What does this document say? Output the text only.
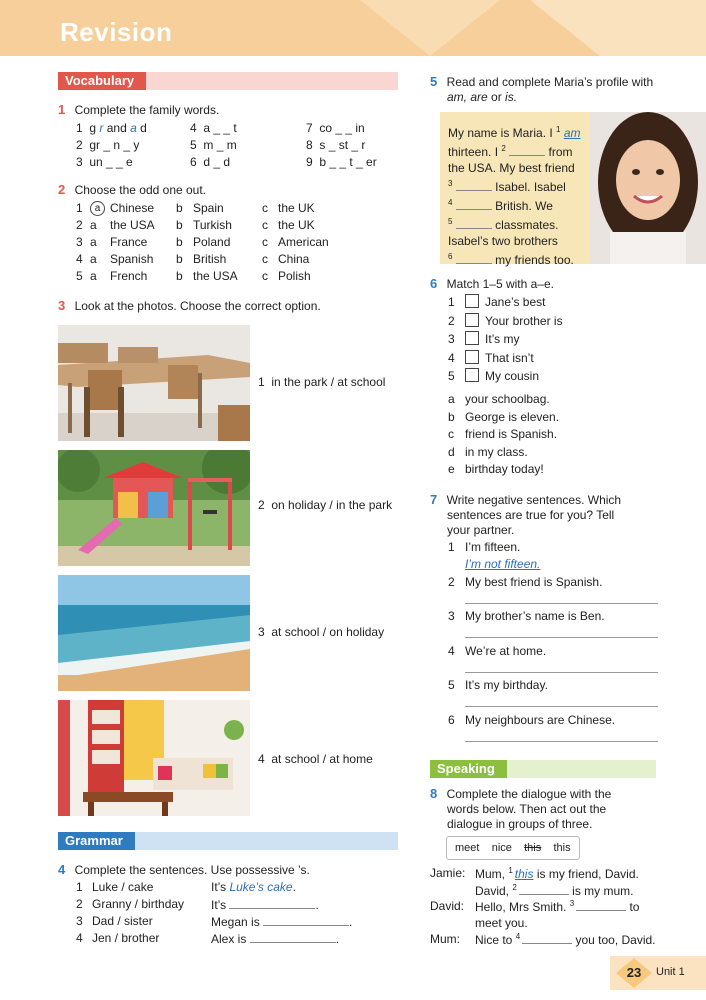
Revision
Vocabulary
1 Complete the family words.
1 g r and a d
2 gr _ n _ y
3 un _ _ e
4 a _ _ t
5 m _ m
6 d _ d
7 co _ _ in
8 s _ st _ r
9 b _ _ t _ er
2 Choose the odd one out.
1	a Chinese b Spain	c the UK
2 a the USA b Turkish	c the UK
3 a France b Poland	c American
4 a Spanish b British	c China
5 a French b the USA c Polish
3 Look at the photos. Choose the correct option.
1 in the park / at school
2 on holiday / in the park
3 at school / on holiday
4 at school / at home
Grammar
4 Complete the sentences. Use possessive ’s.
1 Luke / cake	It’s Luke’s cake.
2 Granny / birthday It’s	.
3 Dad / sister	Megan is	.
4 Jen / brother	Alex is	.
5 Read and complete Maria’s profile with
am, are or is.
My name is Maria. I $^1$ am
thirteen. I $^2$	from
the USA. My best friend
$^3$	Isabel. Isabel
$^4$	British. We
$^5$	classmates.
Isabel’s two brothers
$^6$	my friends too.
6 Match 1–5 with a–e.
1	Jane’s best
2	Your brother is
3	It’s my
4	That isn’t
5	My cousin
a your schoolbag.
b George is eleven.
c friend is Spanish.
d in my class.
e birthday today!
7 Write negative sentences. Which
sentences are true for you? Tell
your partner.
1 I’m fifteen.
I’m not fifteen.
2 My best friend is Spanish.
3 My brother’s name is Ben.
4 We’re at home.
5 It’s my birthday.
6 My neighbours are Chinese.
Speaking
8 Complete the dialogue with the
words below. Then act out the
dialogue in groups of three.
meet nice this this
Jamie: Mum, $^1$ this is my friend, David.
David, $^2$	is my mum.
David: Hello, Mrs Smith. $^3$	to
meet you.
Mum: Nice to $^4$	you too, David.
23	Unit 1
